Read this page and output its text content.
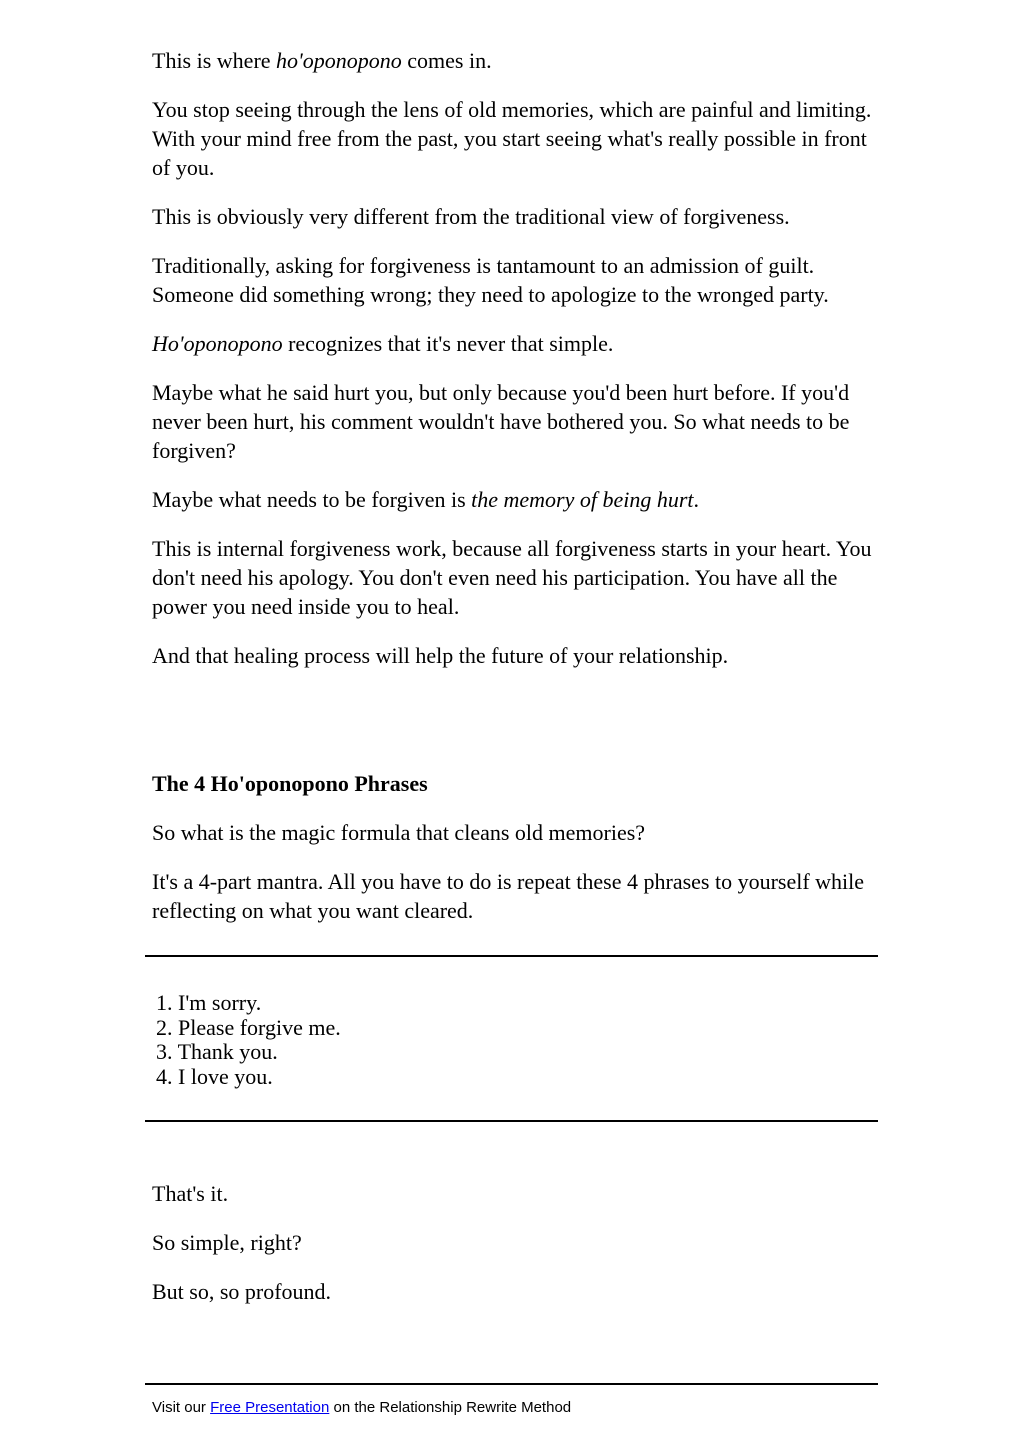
This is where ho'oponopono comes in.

You stop seeing through the lens of old memories, which are painful and limiting. With your mind free from the past, you start seeing what's really possible in front of you.

This is obviously very different from the traditional view of forgiveness.

Traditionally, asking for forgiveness is tantamount to an admission of guilt. Someone did something wrong; they need to apologize to the wronged party.

Ho'oponopono recognizes that it's never that simple.

Maybe what he said hurt you, but only because you'd been hurt before. If you'd never been hurt, his comment wouldn't have bothered you. So what needs to be forgiven?

Maybe what needs to be forgiven is the memory of being hurt.

This is internal forgiveness work, because all forgiveness starts in your heart. You don't need his apology. You don't even need his participation. You have all the power you need inside you to heal.

And that healing process will help the future of your relationship.

The 4 Ho'oponopono Phrases

So what is the magic formula that cleans old memories?

It's a 4-part mantra. All you have to do is repeat these 4 phrases to yourself while reflecting on what you want cleared.

1. I'm sorry.
2. Please forgive me.
3. Thank you.
4. I love you.

That's it.

So simple, right?

But so, so profound.

Visit our Free Presentation on the Relationship Rewrite Method
